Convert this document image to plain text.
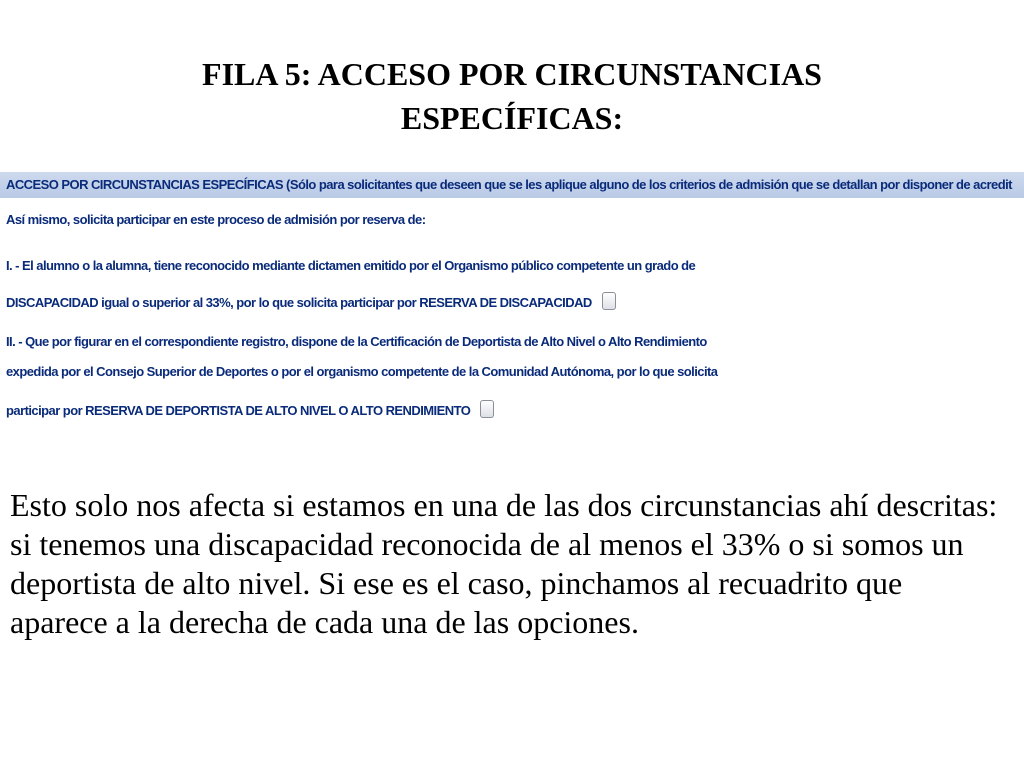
FILA 5: ACCESO POR CIRCUNSTANCIAS
ESPECÍFICAS:
ACCESO POR CIRCUNSTANCIAS ESPECÍFICAS (Sólo para solicitantes que deseen que se les aplique alguno de los criterios de admisión que se detallan por disponer de acredit
Así mismo, solicita participar en este proceso de admisión por reserva de:
I. - El alumno o la alumna, tiene reconocido mediante dictamen emitido por el Organismo público competente un grado de
DISCAPACIDAD igual o superior al 33%, por lo que solicita participar por RESERVA DE DISCAPACIDAD
II. - Que por figurar en el correspondiente registro, dispone de la Certificación de Deportista de Alto Nivel o Alto Rendimiento
expedida por el Consejo Superior de Deportes o por el organismo competente de la Comunidad Autónoma, por lo que solicita
participar por RESERVA DE DEPORTISTA DE ALTO NIVEL O ALTO RENDIMIENTO

Esto solo nos afecta si estamos en una de las dos circunstancias ahí descritas: si tenemos una discapacidad reconocida de al menos el 33% o si somos un deportista de alto nivel. Si ese es el caso, pinchamos al recuadrito que aparece a la derecha de cada una de las opciones.
